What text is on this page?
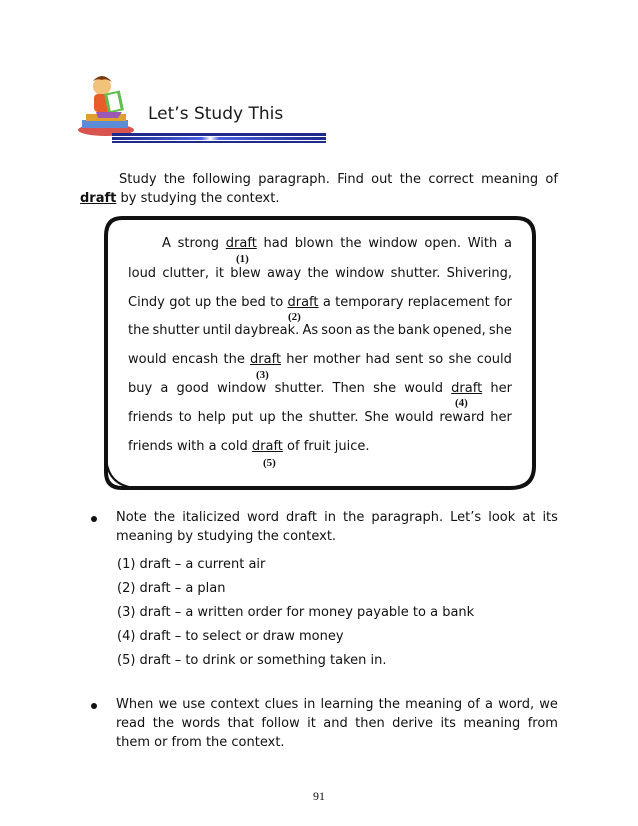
Let’s Study This
Study the following paragraph. Find out the correct meaning of
draft by studying the context.
A strong draft had blown the window open. With a
loud clutter, it blew away the window shutter. Shivering,
Cindy got up the bed to draft a temporary replacement for
the shutter until daybreak. As soon as the bank opened, she
would encash the draft her mother had sent so she could
buy a good window shutter. Then she would draft her
friends to help put up the shutter. She would reward her
friends
with
a
cold
draft
of
fruit
juice.
(1)
(2)
(3)
(4)
(5)
Note the italicized word draft in the paragraph. Let’s look at its
meaning by studying the context.
(1) draft – a current air
(2) draft – a plan
(3) draft – a written order for money payable to a bank
(4) draft – to select or draw money
(5) draft – to drink or something taken in.
When we use context clues in learning the meaning of a word, we
read the words that follow it and then derive its meaning from
them or from the context.
91
